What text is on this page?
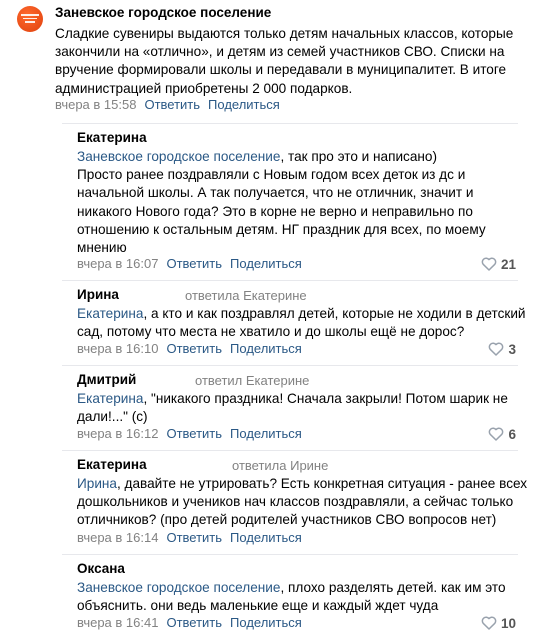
Заневское городское поселение
Сладкие сувениры выдаются только детям начальных классов, которые
закончили на «отлично», и детям из семей участников СВО. Списки на
вручение формировали школы и передавали в муниципалитет. В итоге
администрацией приобретены 2 000 подарков.
вчера в 15:58 Ответить Поделиться
Екатерина
Заневское городское поселение, так про это и написано)
Просто ранее поздравляли с Новым годом всех деток из дс и
начальной школы. А так получается, что не отличник, значит и
никакого Нового года? Это в корне не верно и неправильно по
отношению к остальным детям. НГ праздник для всех, по моему
мнению
вчера в 16:07 Ответить Поделиться	21
Ирина	ответила Екатерине
Екатерина, а кто и как поздравлял детей, которые не ходили в детский
сад, потому что места не хватило и до школы ещё не дорос?
вчера в 16:10 Ответить Поделиться	3
Дмитрий	ответил Екатерине
Екатерина, "никакого праздника! Сначала закрыли! Потом шарик не
дали!..." (с)
вчера в 16:12 Ответить Поделиться	6
Екатерина	ответила Ирине
Ирина, давайте не утрировать? Есть конкретная ситуация - ранее всех
дошкольников и учеников нач классов поздравляли, а сейчас только
отличников? (про детей родителей участников СВО вопросов нет)
вчера в 16:14 Ответить Поделиться
Оксана
Заневское городское поселение, плохо разделять детей. как им это
объяснить. они ведь маленькие еще и каждый ждет чуда
вчера в 16:41 Ответить Поделиться	10
